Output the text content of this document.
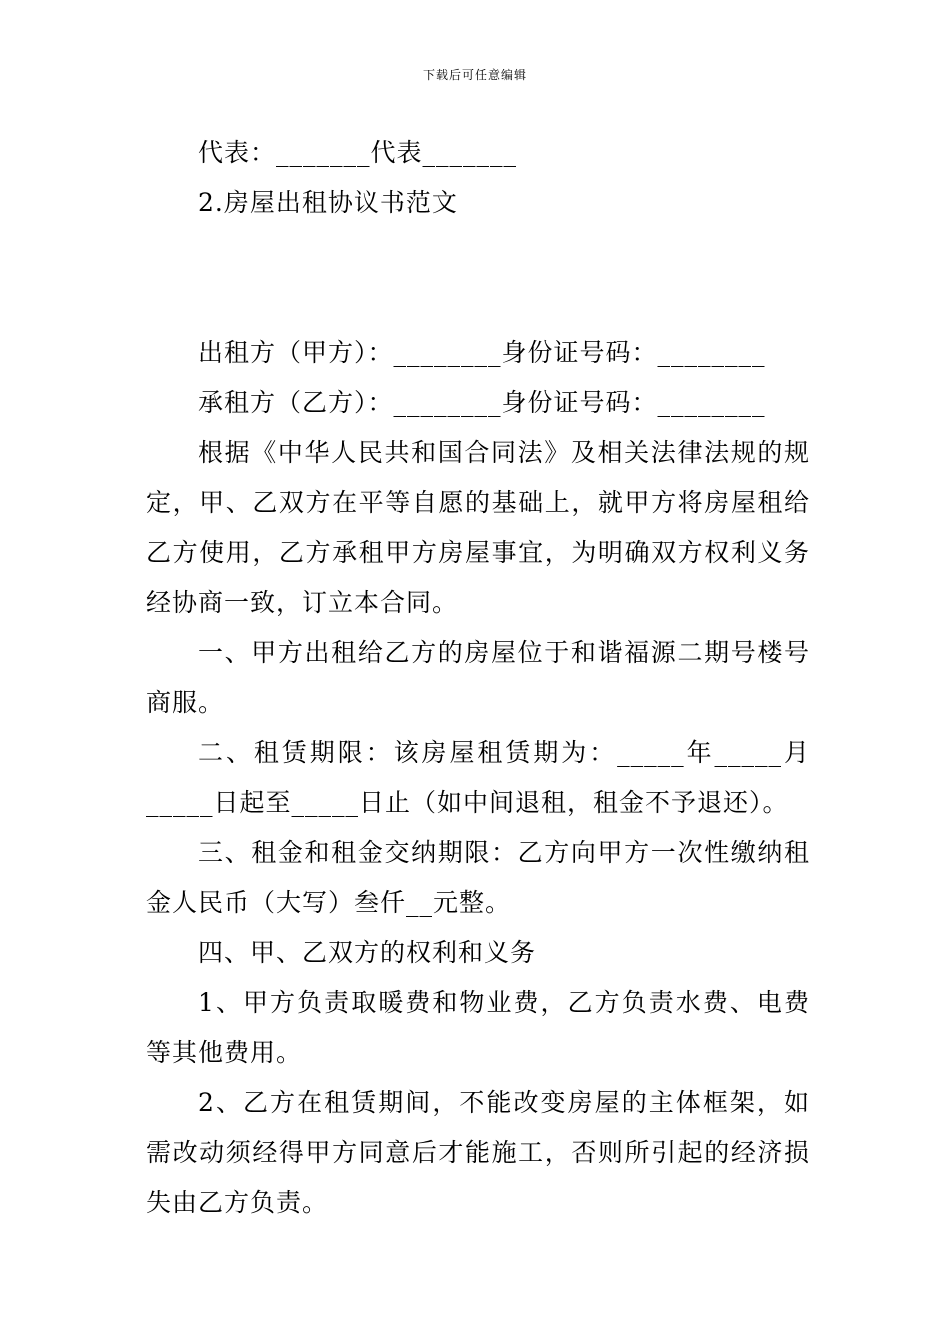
下载后可任意编辑

代表：_______代表_______

2.房屋出租协议书范文

出租方（甲方）：________身份证号码：________

承租方（乙方）：________身份证号码：________

根据《中华人民共和国合同法》及相关法律法规的规定，甲、乙双方在平等自愿的基础上，就甲方将房屋租给乙方使用，乙方承租甲方房屋事宜，为明确双方权利义务经协商一致，订立本合同。

一、甲方出租给乙方的房屋位于和谐福源二期号楼号商服。

二、租赁期限：该房屋租赁期为：_____年_____月_____日起至_____日止（如中间退租，租金不予退还）。

三、租金和租金交纳期限：乙方向甲方一次性缴纳租金人民币（大写）叁仟__元整。

四、甲、乙双方的权利和义务

1、甲方负责取暖费和物业费，乙方负责水费、电费等其他费用。

2、乙方在租赁期间，不能改变房屋的主体框架，如需改动须经得甲方同意后才能施工，否则所引起的经济损失由乙方负责。
